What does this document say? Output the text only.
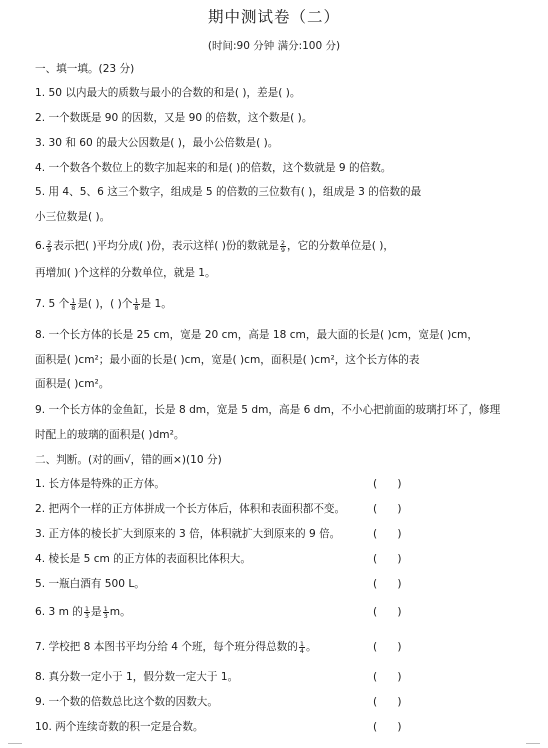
期中测试卷（二）
(时间:90 分钟 满分:100 分)
一、填一填。(23 分)
1. 50 以内最大的质数与最小的合数的和是( )，差是( )。
2. 一个数既是 90 的因数，又是 90 的倍数，这个数是( )。
3. 30 和 60 的最大公因数是( )，最小公倍数是( )。
4. 一个数各个数位上的数字加起来的和是( )的倍数，这个数就是 9 的倍数。
5. 用 4、5、6 这三个数字，组成是 5 的倍数的三位数有( )，组成是 3 的倍数的最
小三位数是( )。
6. $\frac{2}{9}$ 表示把( )平均分成( )份，表示这样( )份的数就是 $\frac{2}{9}$ ，它的分数单位是( )，
再增加( )个这样的分数单位，就是 1。
7. 5 个 $\frac{1}{8}$ 是( )，( )个 $\frac{1}{8}$ 是 1。
8. 一个长方体的长是 25 cm，宽是 20 cm，高是 18 cm，最大面的长是( )cm，宽是( )cm，
面积是( )cm²；最小面的长是( )cm，宽是( )cm，面积是( )cm²，这个长方体的表
面积是( )cm²。
9. 一个长方体的金鱼缸，长是 8 dm，宽是 5 dm，高是 6 dm，不小心把前面的玻璃打坏了，修理
时配上的玻璃的面积是( )dm²。
二、判断。(对的画√，错的画×)(10 分)
1. 长方体是特殊的正方体。	(      )
2. 把两个一样的正方体拼成一个长方体后，体积和表面积都不变。	(      )
3. 正方体的棱长扩大到原来的 3 倍，体积就扩大到原来的 9 倍。	(      )
4. 棱长是 5 cm 的正方体的表面积比体积大。	(      )
5. 一瓶白酒有 500 L。	(      )
6. 3 m 的 $\frac{1}{3}$ 是 $\frac{1}{3}$ m。	(      )
7. 学校把 8 本图书平均分给 4 个班，每个班分得总数的 $\frac{1}{4}$ 。	(      )
8. 真分数一定小于 1，假分数一定大于 1。	(      )
9. 一个数的倍数总比这个数的因数大。	(      )
10. 两个连续奇数的积一定是合数。	(      )
